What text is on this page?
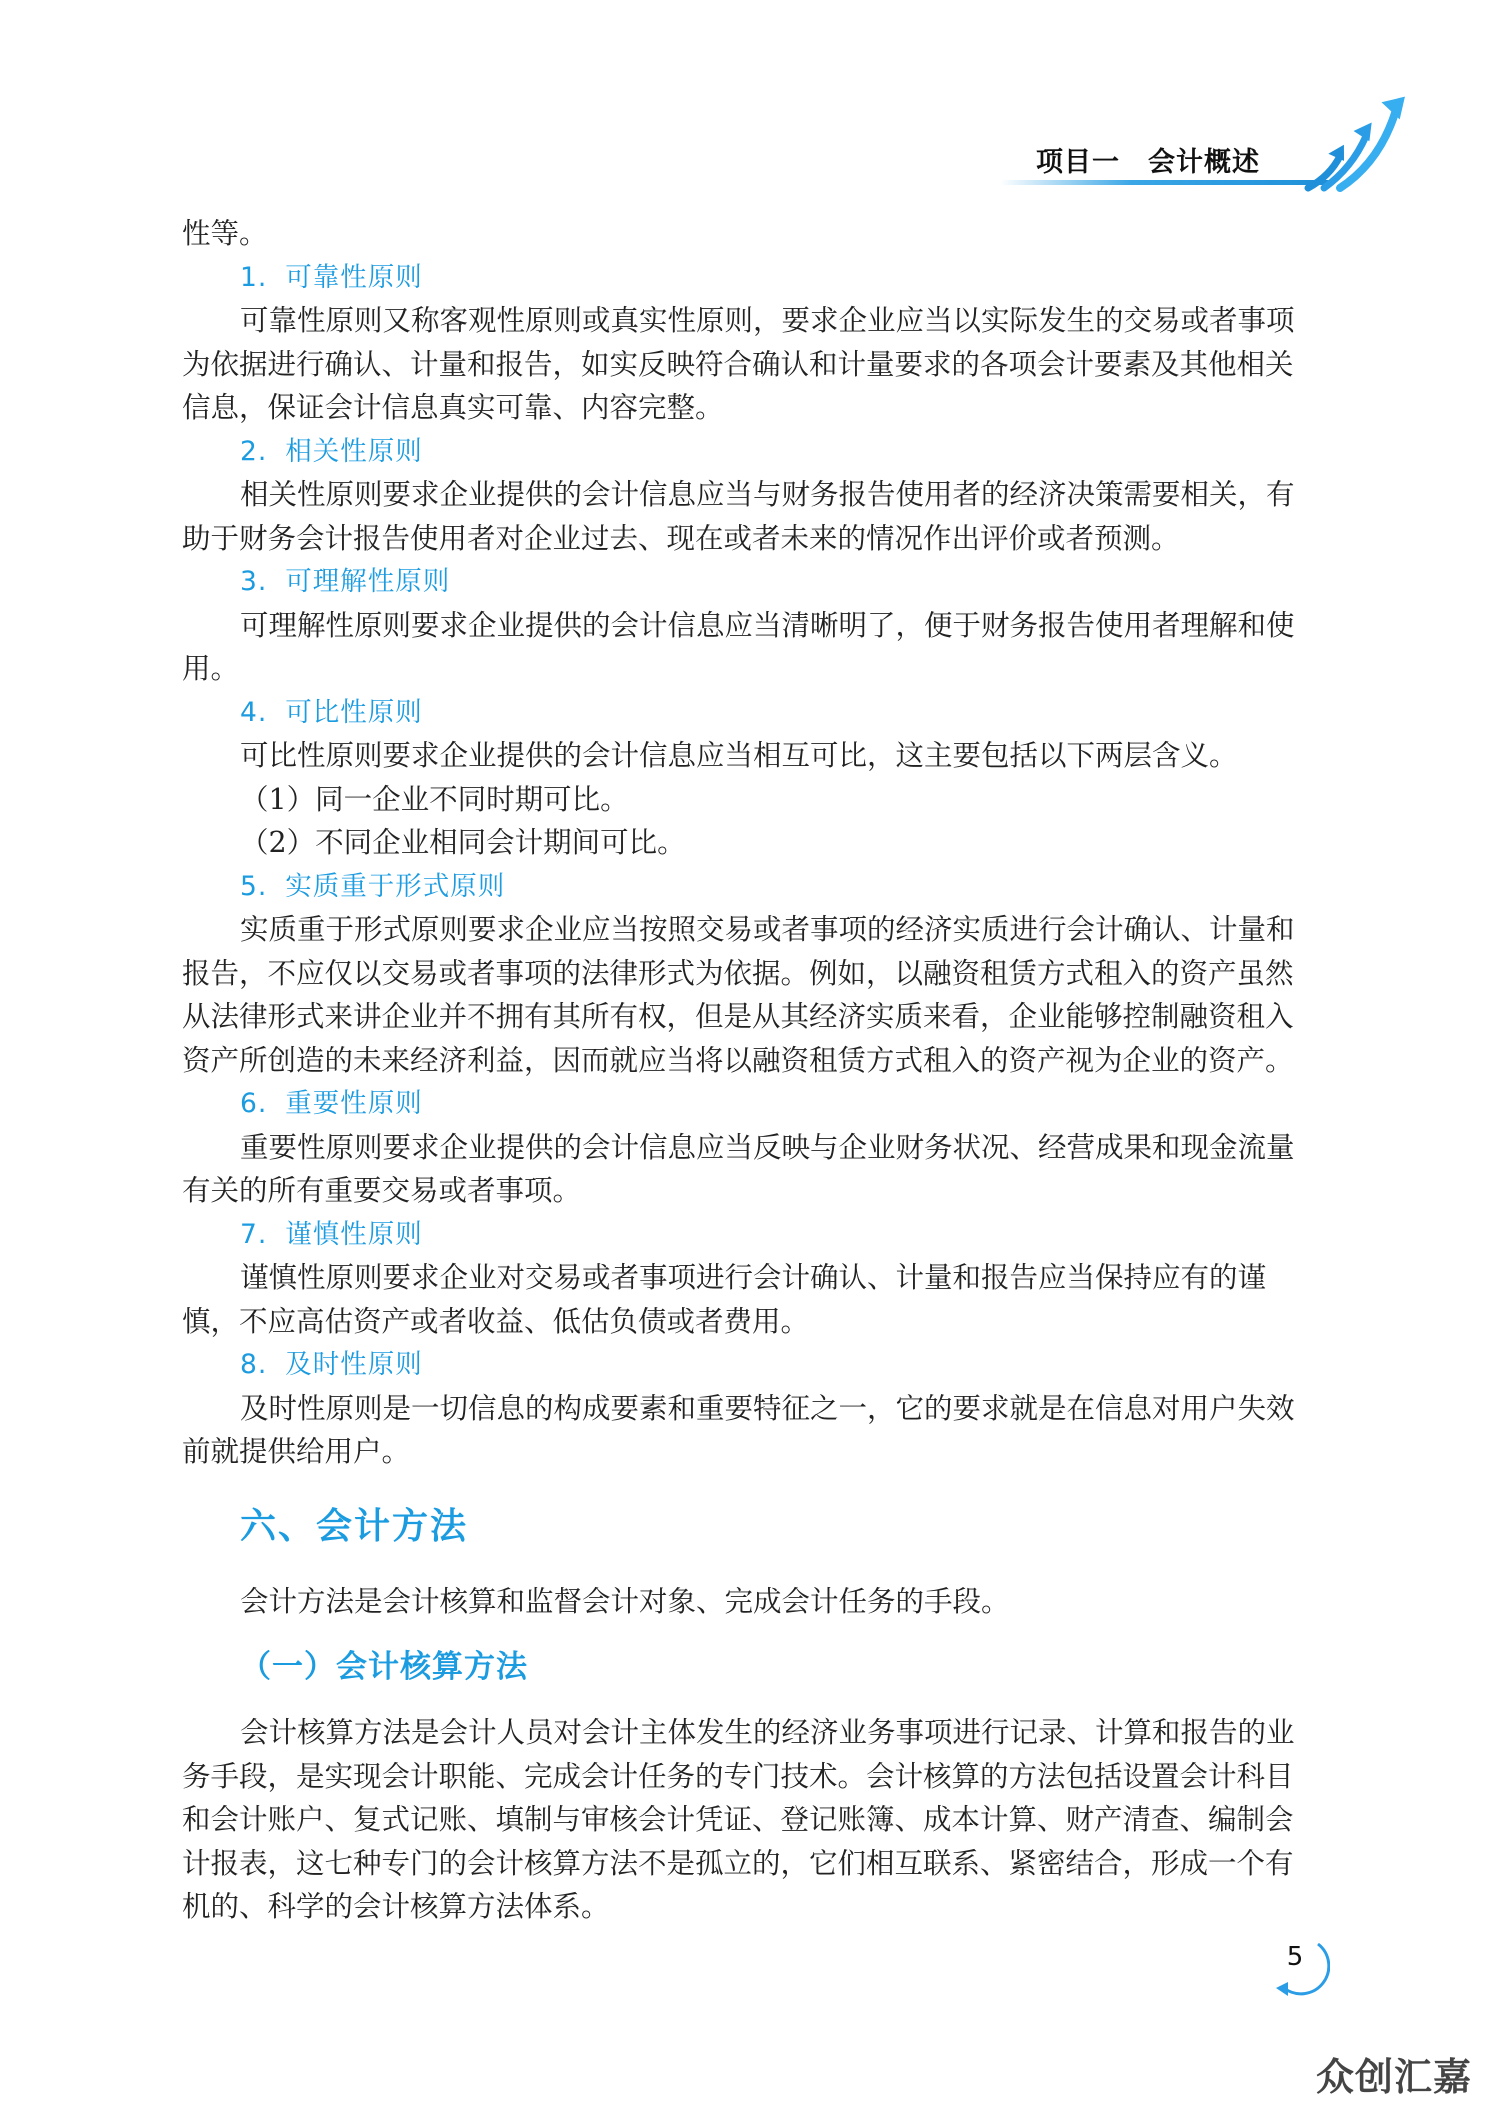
项目一　会计概述

性等。

1. 可靠性原则

可靠性原则又称客观性原则或真实性原则，要求企业应当以实际发生的交易或者事项为依据进行确认、计量和报告，如实反映符合确认和计量要求的各项会计要素及其他相关信息，保证会计信息真实可靠、内容完整。

2. 相关性原则

相关性原则要求企业提供的会计信息应当与财务报告使用者的经济决策需要相关，有助于财务会计报告使用者对企业过去、现在或者未来的情况作出评价或者预测。

3. 可理解性原则

可理解性原则要求企业提供的会计信息应当清晰明了，便于财务报告使用者理解和使用。

4. 可比性原则

可比性原则要求企业提供的会计信息应当相互可比，这主要包括以下两层含义。

（1）同一企业不同时期可比。

（2）不同企业相同会计期间可比。

5. 实质重于形式原则

实质重于形式原则要求企业应当按照交易或者事项的经济实质进行会计确认、计量和报告，不应仅以交易或者事项的法律形式为依据。例如，以融资租赁方式租入的资产虽然从法律形式来讲企业并不拥有其所有权，但是从其经济实质来看，企业能够控制融资租入资产所创造的未来经济利益，因而就应当将以融资租赁方式租入的资产视为企业的资产。

6. 重要性原则

重要性原则要求企业提供的会计信息应当反映与企业财务状况、经营成果和现金流量有关的所有重要交易或者事项。

7. 谨慎性原则

谨慎性原则要求企业对交易或者事项进行会计确认、计量和报告应当保持应有的谨慎，不应高估资产或者收益、低估负债或者费用。

8. 及时性原则

及时性原则是一切信息的构成要素和重要特征之一，它的要求就是在信息对用户失效前就提供给用户。

六、会计方法

会计方法是会计核算和监督会计对象、完成会计任务的手段。

（一）会计核算方法

会计核算方法是会计人员对会计主体发生的经济业务事项进行记录、计算和报告的业务手段，是实现会计职能、完成会计任务的专门技术。会计核算的方法包括设置会计科目和会计账户、复式记账、填制与审核会计凭证、登记账簿、成本计算、财产清查、编制会计报表，这七种专门的会计核算方法不是孤立的，它们相互联系、紧密结合，形成一个有机的、科学的会计核算方法体系。

5
众创汇嘉
